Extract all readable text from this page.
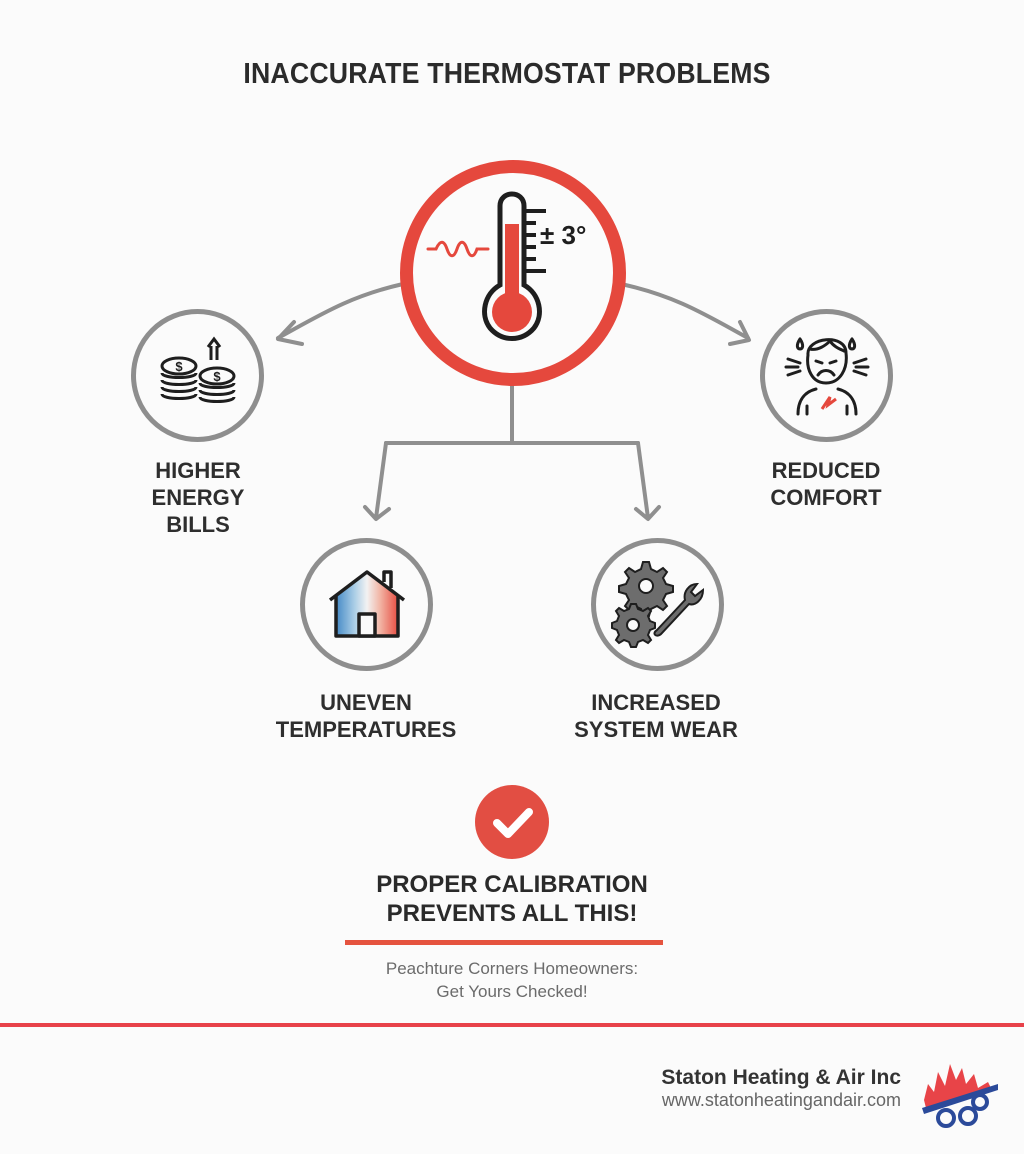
INACCURATE THERMOSTAT PROBLEMS
± 3°
$
$
HIGHER
ENERGY
BILLS
REDUCED
COMFORT
UNEVEN
TEMPERATURES
INCREASED
SYSTEM WEAR
PROPER CALIBRATION
PREVENTS ALL THIS!
Peachture Corners Homeowners:
Get Yours Checked!
Staton Heating & Air Inc
www.statonheatingandair.com
